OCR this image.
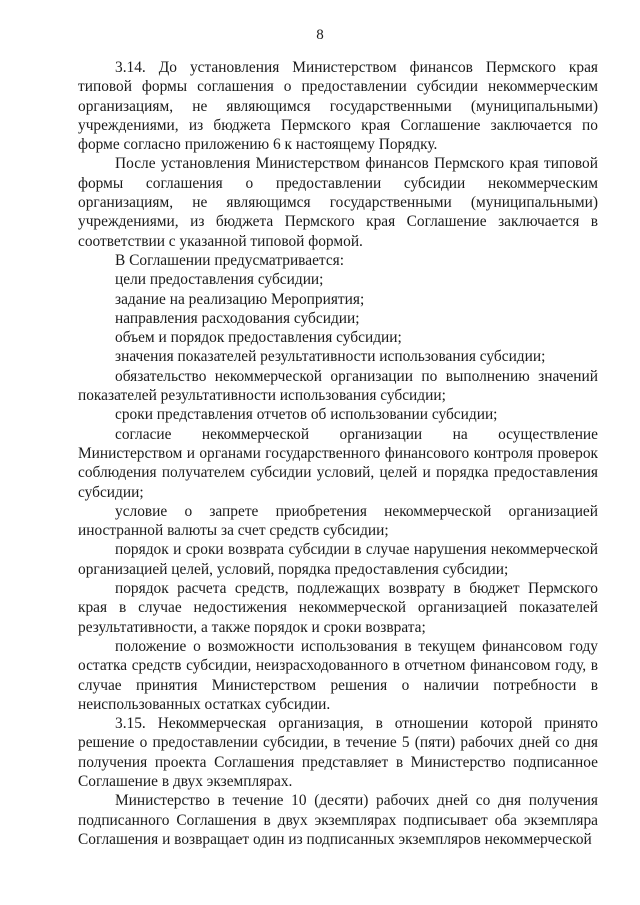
8

3.14. До установления Министерством финансов Пермского края типовой формы соглашения о предоставлении субсидии некоммерческим организациям, не являющимся государственными (муниципальными) учреждениями, из бюджета Пермского края Соглашение заключается по форме согласно приложению 6 к настоящему Порядку.

После установления Министерством финансов Пермского края типовой формы соглашения о предоставлении субсидии некоммерческим организациям, не являющимся государственными (муниципальными) учреждениями, из бюджета Пермского края Соглашение заключается в соответствии с указанной типовой формой.

В Соглашении предусматривается:

цели предоставления субсидии;

задание на реализацию Мероприятия;

направления расходования субсидии;

объем и порядок предоставления субсидии;

значения показателей результативности использования субсидии;

обязательство некоммерческой организации по выполнению значений показателей результативности использования субсидии;

сроки представления отчетов об использовании субсидии;

согласие некоммерческой организации на осуществление Министерством и органами государственного финансового контроля проверок соблюдения получателем субсидии условий, целей и порядка предоставления субсидии;

условие о запрете приобретения некоммерческой организацией иностранной валюты за счет средств субсидии;

порядок и сроки возврата субсидии в случае нарушения некоммерческой организацией целей, условий, порядка предоставления субсидии;

порядок расчета средств, подлежащих возврату в бюджет Пермского края в случае недостижения некоммерческой организацией показателей результативности, а также порядок и сроки возврата;

положение о возможности использования в текущем финансовом году остатка средств субсидии, неизрасходованного в отчетном финансовом году, в случае принятия Министерством решения о наличии потребности в неиспользованных остатках субсидии.

3.15. Некоммерческая организация, в отношении которой принято решение о предоставлении субсидии, в течение 5 (пяти) рабочих дней со дня получения проекта Соглашения представляет в Министерство подписанное Соглашение в двух экземплярах.

Министерство в течение 10 (десяти) рабочих дней со дня получения подписанного Соглашения в двух экземплярах подписывает оба экземпляра Соглашения и возвращает один из подписанных экземпляров некоммерческой
